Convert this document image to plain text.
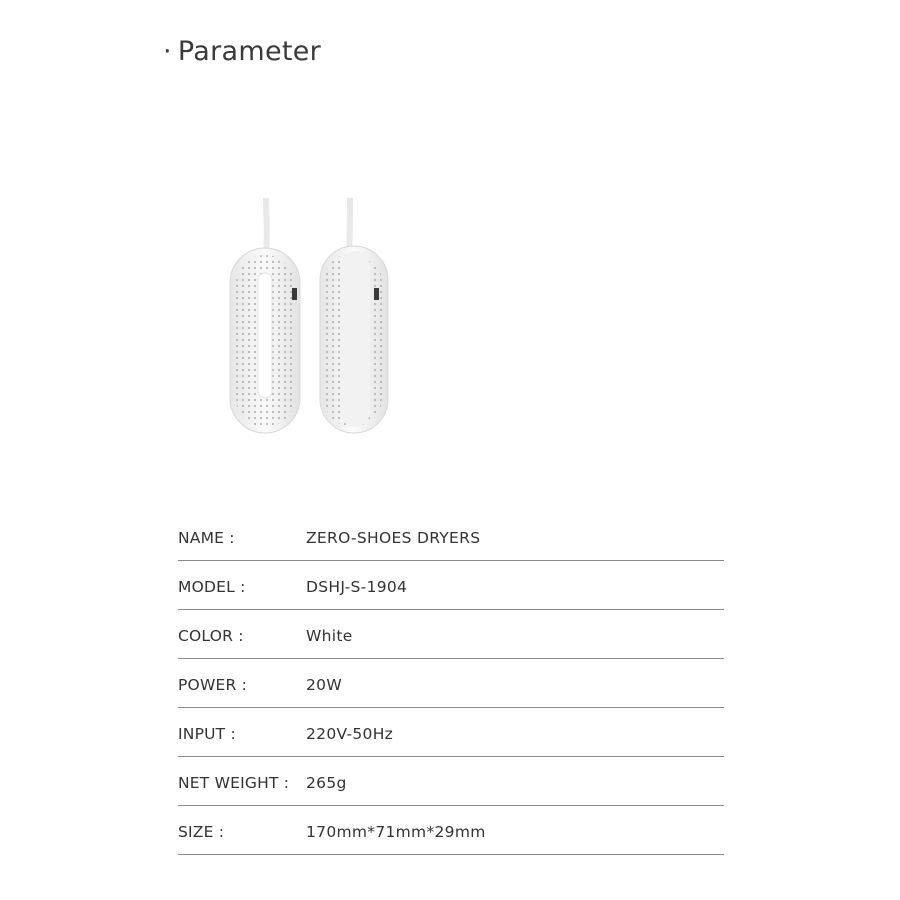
· Parameter
NAME :	ZERO-SHOES DRYERS
MODEL :	DSHJ-S-1904
COLOR :	White
POWER :	20W
INPUT :	220V-50Hz
NET WEIGHT :	265g
SIZE :	170mm*71mm*29mm
